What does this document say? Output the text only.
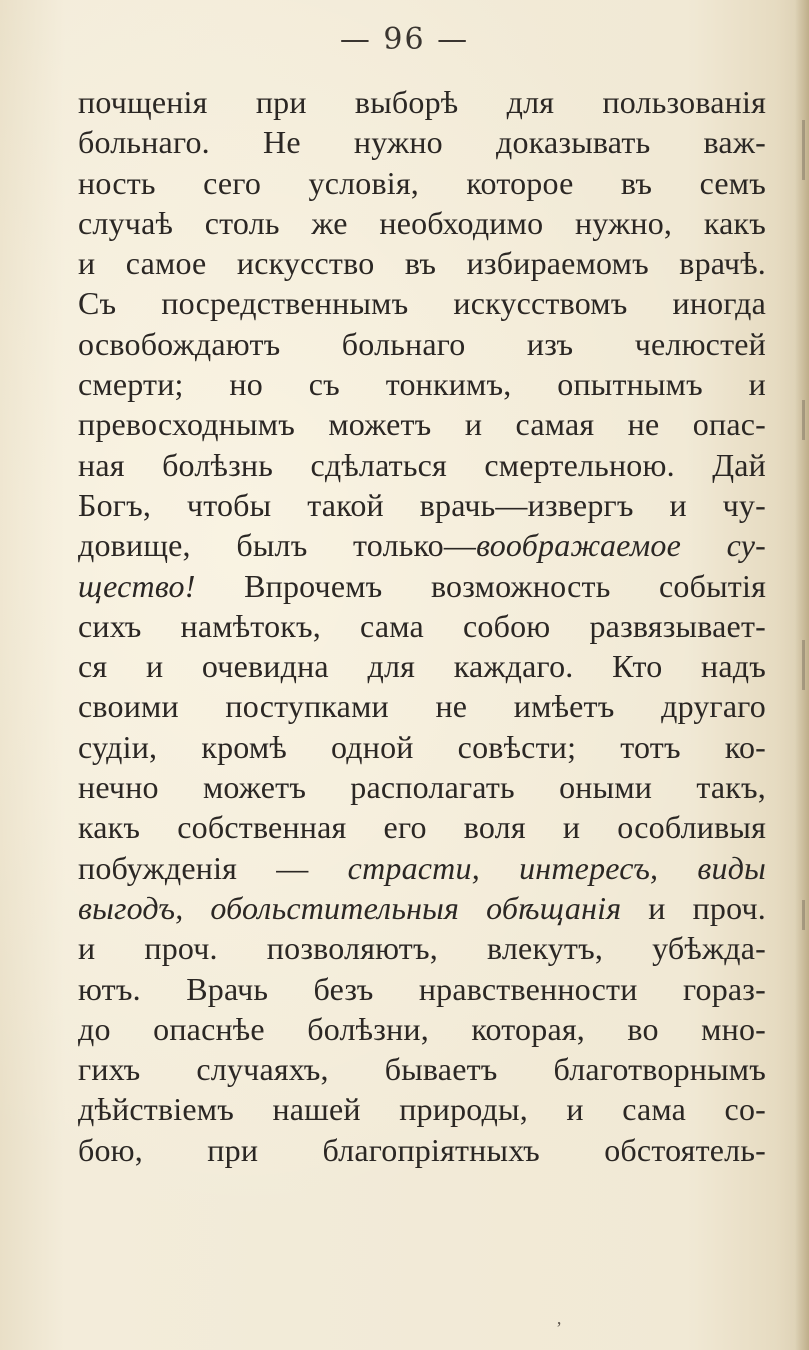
— 96 —
почщенія при выборѣ для пользованія
больнаго. Не нужно доказывать важ-
ность сего условія, которое въ семъ
случаѣ столь же необходимо нужно, какъ
и самое искусство въ избираемомъ врачѣ.
Съ посредственнымъ искусствомъ иногда
освобождаютъ больнаго изъ челюстей
смерти; но съ тонкимъ, опытнымъ и
превосходнымъ можетъ и самая не опас-
ная болѣзнь сдѣлаться смертельною. Дай
Богъ, чтобы такой врачь—извергъ и чу-
довище, былъ только—воображаемое су-
щество! Впрочемъ возможность событія
сихъ намѣтокъ, сама собою развязывает-
ся и очевидна для каждаго. Кто надъ
своими поступками не имѣетъ другаго
судіи, кромѣ одной совѣсти; тотъ ко-
нечно можетъ располагать оными такъ,
какъ собственная его воля и особливыя
побужденія — страсти, интересъ, виды
выгодъ, обольстительныя обѣщанія и проч.
и проч. позволяютъ, влекутъ, убѣжда-
ютъ. Врачь безъ нравственности горaз-
до опаснѣе болѣзни, которая, во мно-
гихъ случаяхъ, бываетъ благотворнымъ
дѣйствіемъ нашей природы, и сама со-
бою, при благопріятныхъ обстоятель-
ʼ
